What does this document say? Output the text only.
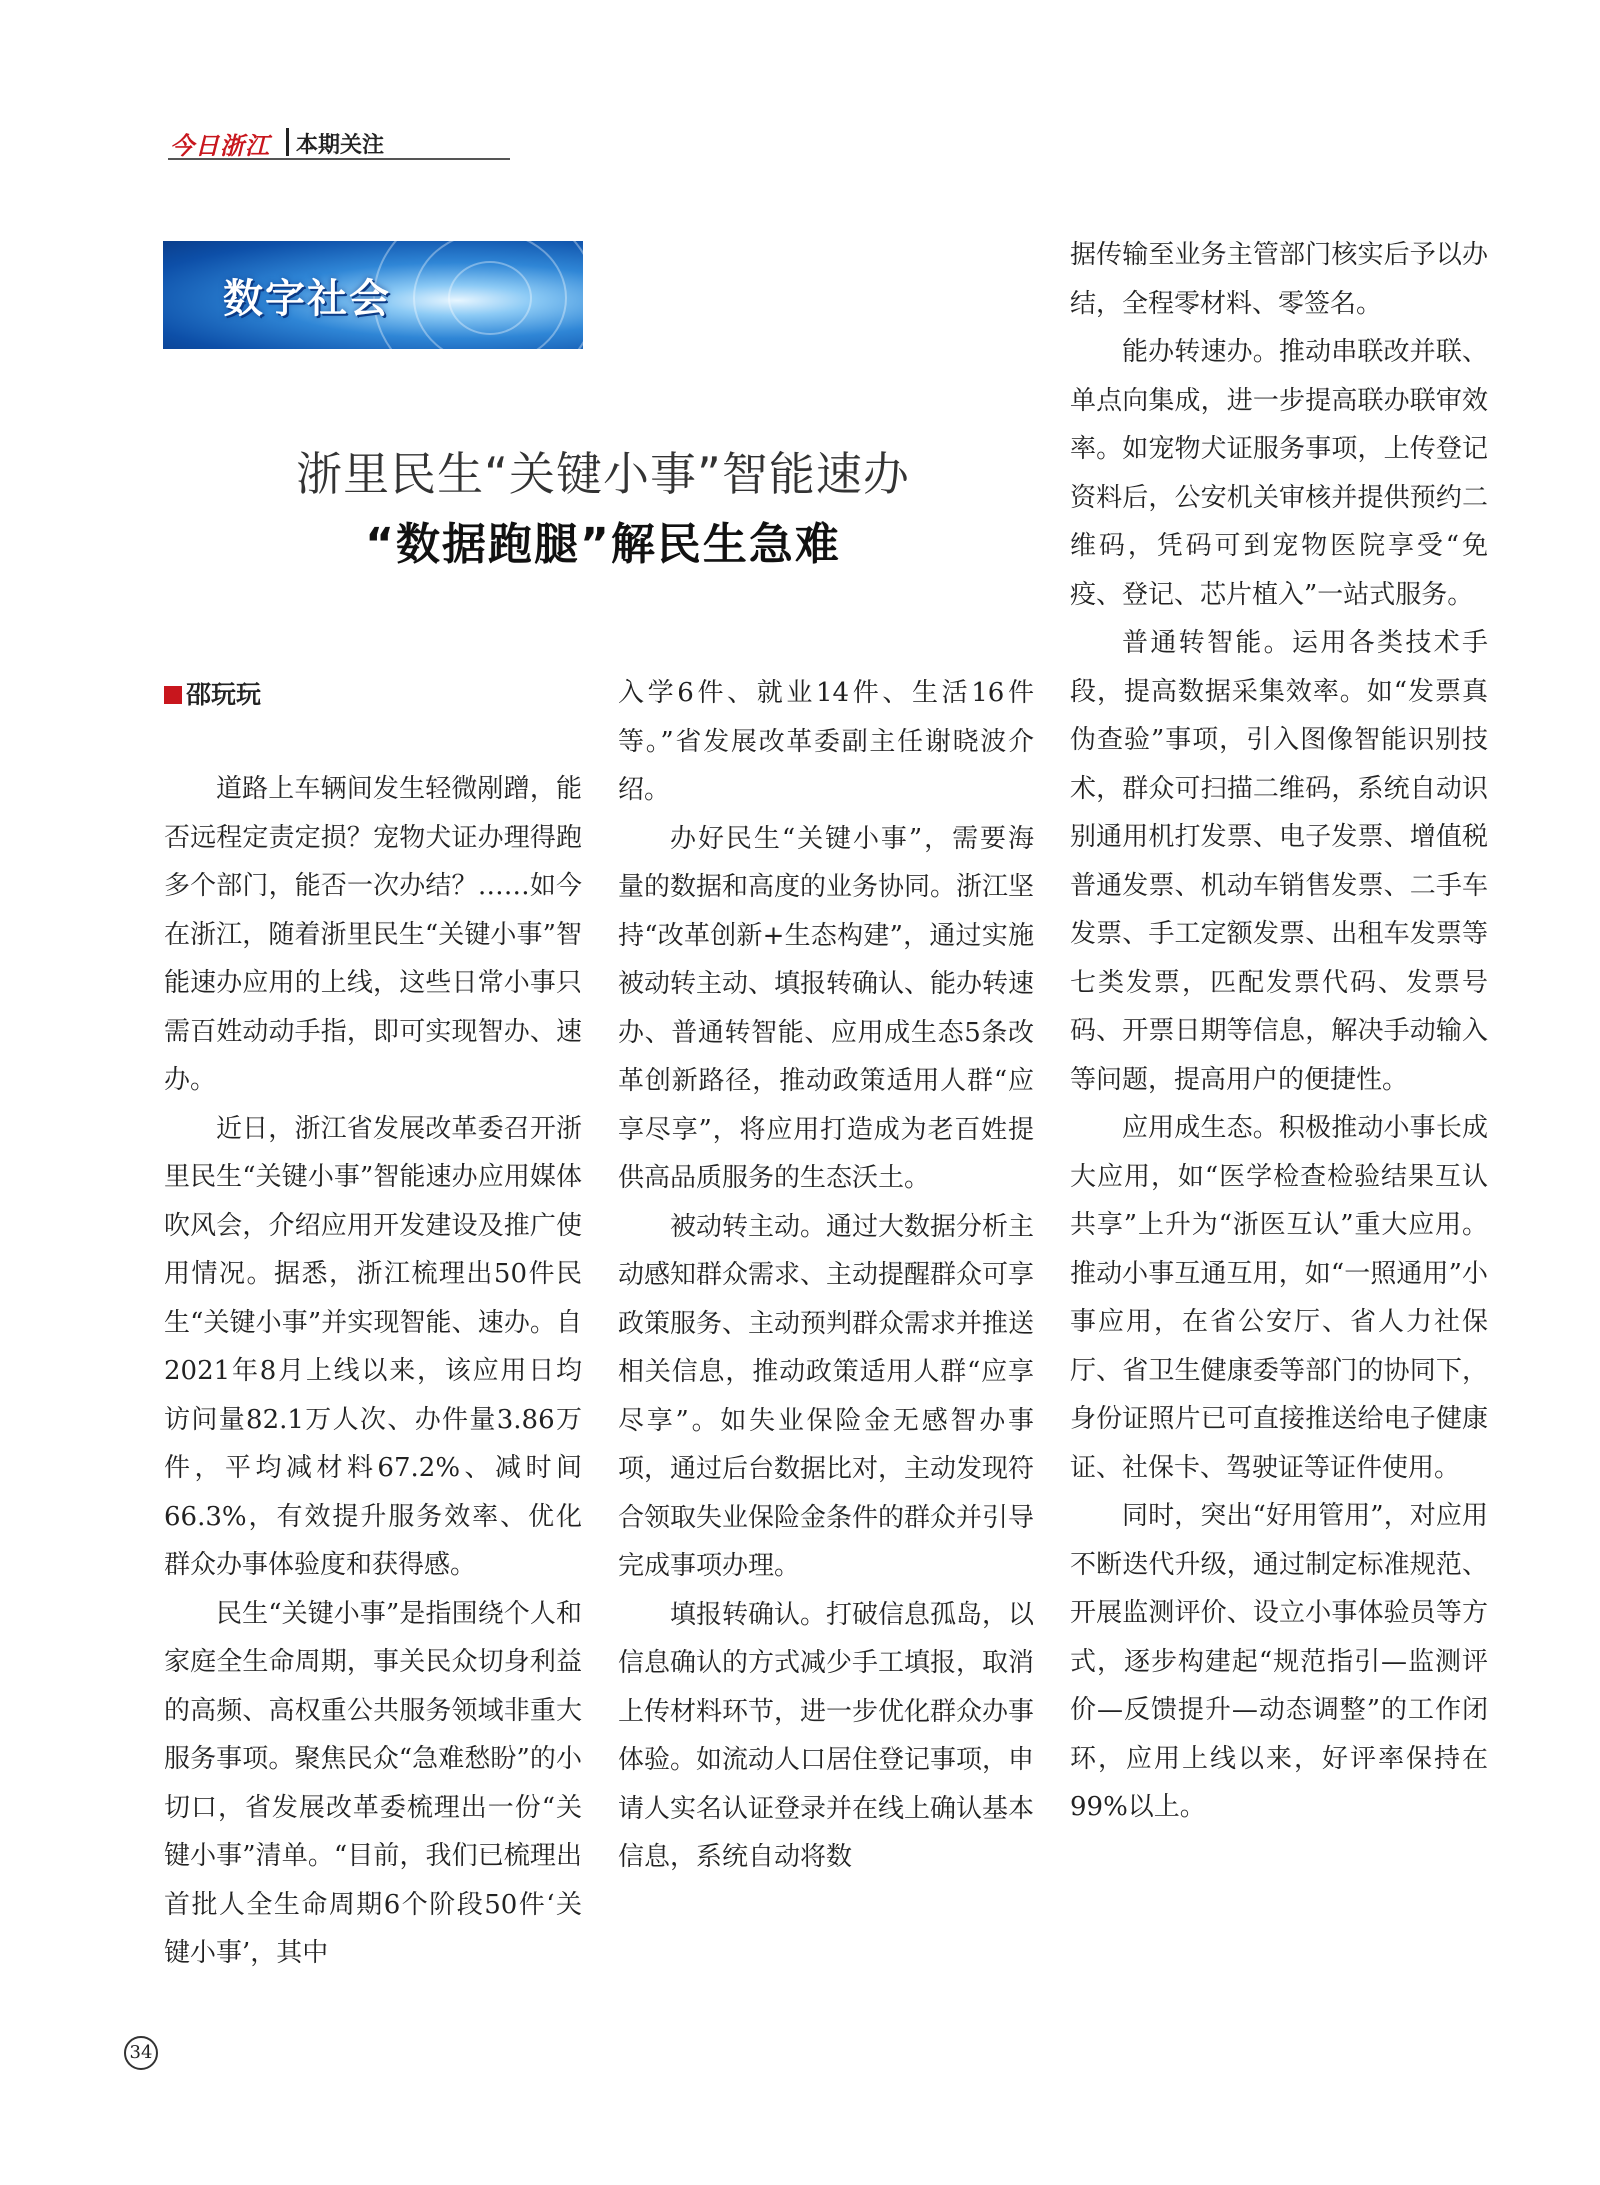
今日浙江 本期关注
数字社会
浙里民生“关键小事”智能速办
“数据跑腿”解民生急难
邵玩玩

道路上车辆间发生轻微剐蹭，能否远程定责定损？宠物犬证办理得跑多个部门，能否一次办结？……如今在浙江，随着浙里民生“关键小事”智能速办应用的上线，这些日常小事只需百姓动动手指，即可实现智办、速办。

近日，浙江省发展改革委召开浙里民生“关键小事”智能速办应用媒体吹风会，介绍应用开发建设及推广使用情况。据悉，浙江梳理出50件民生“关键小事”并实现智能、速办。自2021年8月上线以来，该应用日均访问量82.1万人次、办件量3.86万件，平均减材料67.2%、减时间66.3%，有效提升服务效率、优化群众办事体验度和获得感。

民生“关键小事”是指围绕个人和家庭全生命周期，事关民众切身利益的高频、高权重公共服务领域非重大服务事项。聚焦民众“急难愁盼”的小切口，省发展改革委梳理出一份“关键小事”清单。“目前，我们已梳理出首批人全生命周期6个阶段50件‘关键小事’，其中

入学6件、就业14件、生活16件等。”省发展改革委副主任谢晓波介绍。

办好民生“关键小事”，需要海量的数据和高度的业务协同。浙江坚持“改革创新+生态构建”，通过实施被动转主动、填报转确认、能办转速办、普通转智能、应用成生态5条改革创新路径，推动政策适用人群“应享尽享”，将应用打造成为老百姓提供高品质服务的生态沃土。

被动转主动。通过大数据分析主动感知群众需求、主动提醒群众可享政策服务、主动预判群众需求并推送相关信息，推动政策适用人群“应享尽享”。如失业保险金无感智办事项，通过后台数据比对，主动发现符合领取失业保险金条件的群众并引导完成事项办理。

填报转确认。打破信息孤岛，以信息确认的方式减少手工填报，取消上传材料环节，进一步优化群众办事体验。如流动人口居住登记事项，申请人实名认证登录并在线上确认基本信息，系统自动将数

据传输至业务主管部门核实后予以办结，全程零材料、零签名。

能办转速办。推动串联改并联、单点向集成，进一步提高联办联审效率。如宠物犬证服务事项，上传登记资料后，公安机关审核并提供预约二维码，凭码可到宠物医院享受“免疫、登记、芯片植入”一站式服务。

普通转智能。运用各类技术手段，提高数据采集效率。如“发票真伪查验”事项，引入图像智能识别技术，群众可扫描二维码，系统自动识别通用机打发票、电子发票、增值税普通发票、机动车销售发票、二手车发票、手工定额发票、出租车发票等七类发票，匹配发票代码、发票号码、开票日期等信息，解决手动输入等问题，提高用户的便捷性。

应用成生态。积极推动小事长成大应用，如“医学检查检验结果互认共享”上升为“浙医互认”重大应用。推动小事互通互用，如“一照通用”小事应用，在省公安厅、省人力社保厅、省卫生健康委等部门的协同下，身份证照片已可直接推送给电子健康证、社保卡、驾驶证等证件使用。

同时，突出“好用管用”，对应用不断迭代升级，通过制定标准规范、开展监测评价、设立小事体验员等方式，逐步构建起“规范指引—监测评价—反馈提升—动态调整”的工作闭环，应用上线以来，好评率保持在99%以上。

34
